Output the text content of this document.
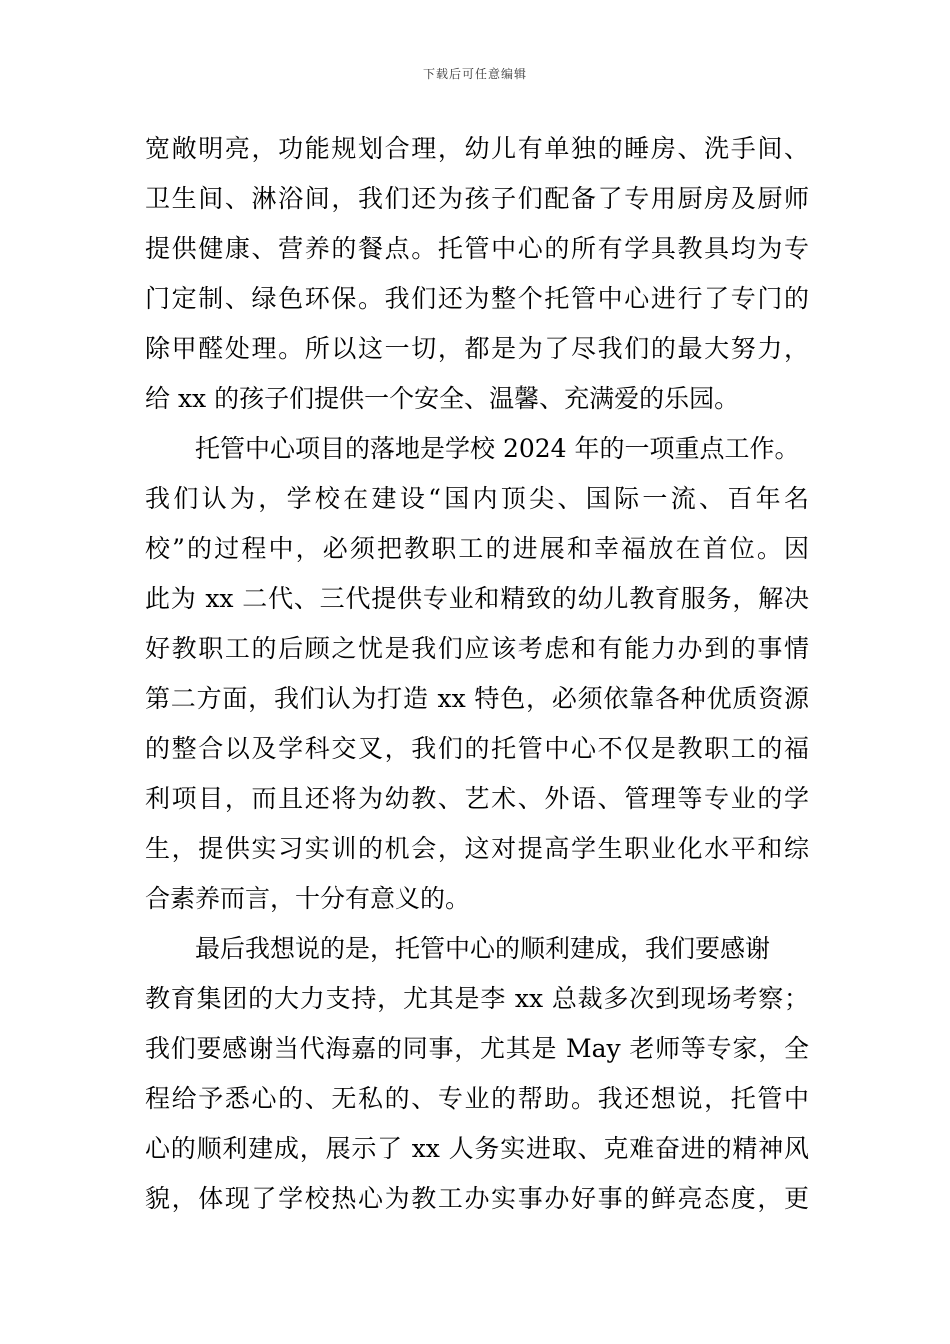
下载后可任意编辑
宽敞明亮，功能规划合理，幼儿有单独的睡房、洗手间、
卫生间、淋浴间，我们还为孩子们配备了专用厨房及厨师
提供健康、营养的餐点。托管中心的所有学具教具均为专
门定制、绿色环保。我们还为整个托管中心进行了专门的
除甲醛处理。所以这一切，都是为了尽我们的最大努力，
给 xx 的孩子们提供一个安全、温馨、充满爱的乐园。
托管中心项目的落地是学校 2024 年的一项重点工作。
我们认为，学校在建设“国内顶尖、国际一流、百年名
校”的过程中，必须把教职工的进展和幸福放在首位。因
此为 xx 二代、三代提供专业和精致的幼儿教育服务，解决
好教职工的后顾之忧是我们应该考虑和有能力办到的事情
第二方面，我们认为打造 xx 特色，必须依靠各种优质资源
的整合以及学科交叉，我们的托管中心不仅是教职工的福
利项目，而且还将为幼教、艺术、外语、管理等专业的学
生，提供实习实训的机会，这对提高学生职业化水平和综
合素养而言，十分有意义的。
最后我想说的是，托管中心的顺利建成，我们要感谢
教育集团的大力支持，尤其是李 xx 总裁多次到现场考察；
我们要感谢当代海嘉的同事，尤其是 May 老师等专家，全
程给予悉心的、无私的、专业的帮助。我还想说，托管中
心的顺利建成，展示了 xx 人务实进取、克难奋进的精神风
貌，体现了学校热心为教工办实事办好事的鲜亮态度，更
